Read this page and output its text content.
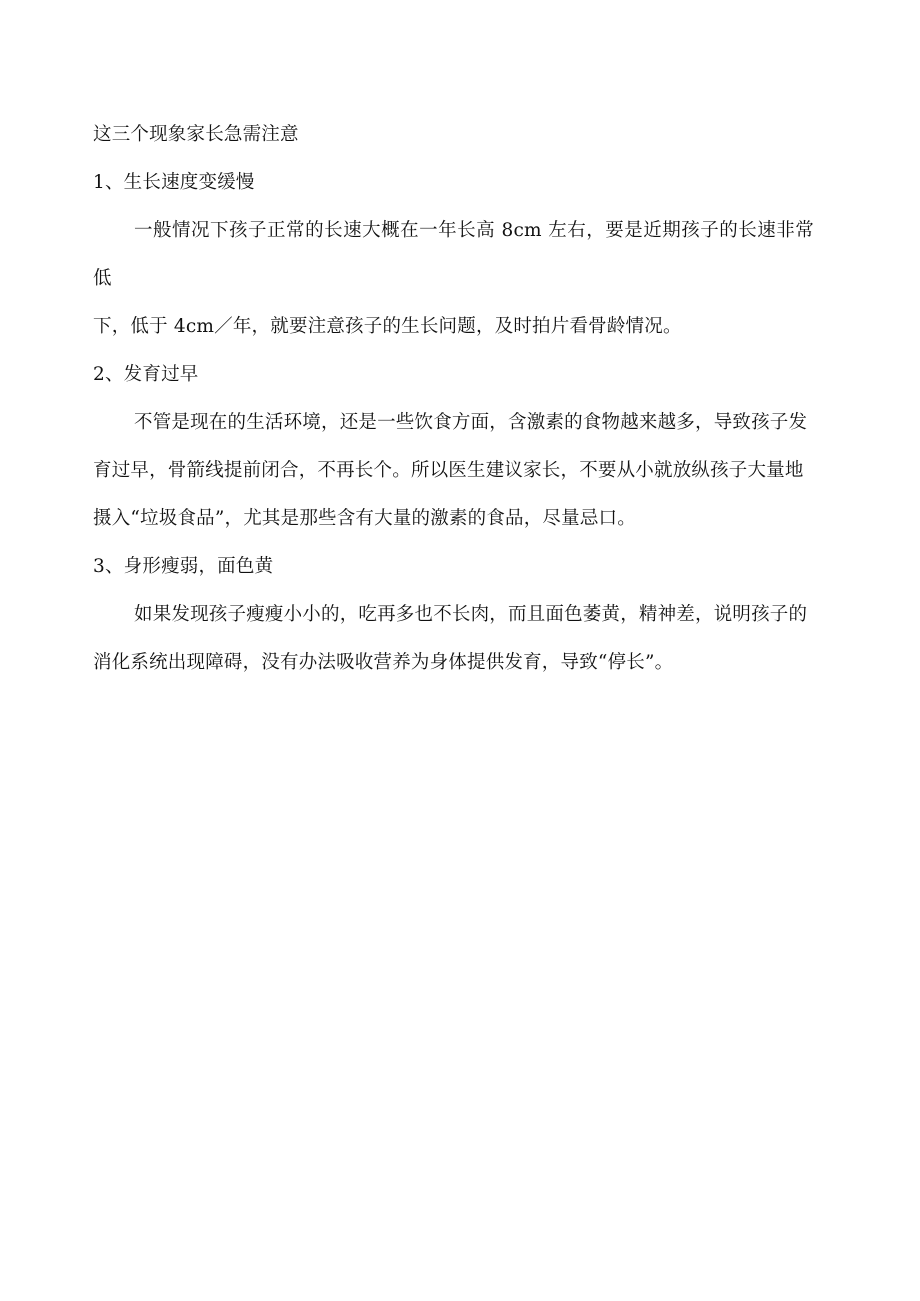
这三个现象家长急需注意

1、生长速度变缓慢

一般情况下孩子正常的长速大概在一年长高 8cm 左右，要是近期孩子的长速非常低
下，低于 4cm／年，就要注意孩子的生长问题，及时拍片看骨龄情况。

2、发育过早

不管是现在的生活环境，还是一些饮食方面，含激素的食物越来越多，导致孩子发
育过早，骨箭线提前闭合，不再长个。所以医生建议家长，不要从小就放纵孩子大量地
摄入“垃圾食品”，尤其是那些含有大量的激素的食品，尽量忌口。

3、身形瘦弱，面色黄

如果发现孩子瘦瘦小小的，吃再多也不长肉，而且面色萎黄，精神差，说明孩子的
消化系统出现障碍，没有办法吸收营养为身体提供发育，导致“停长”。
